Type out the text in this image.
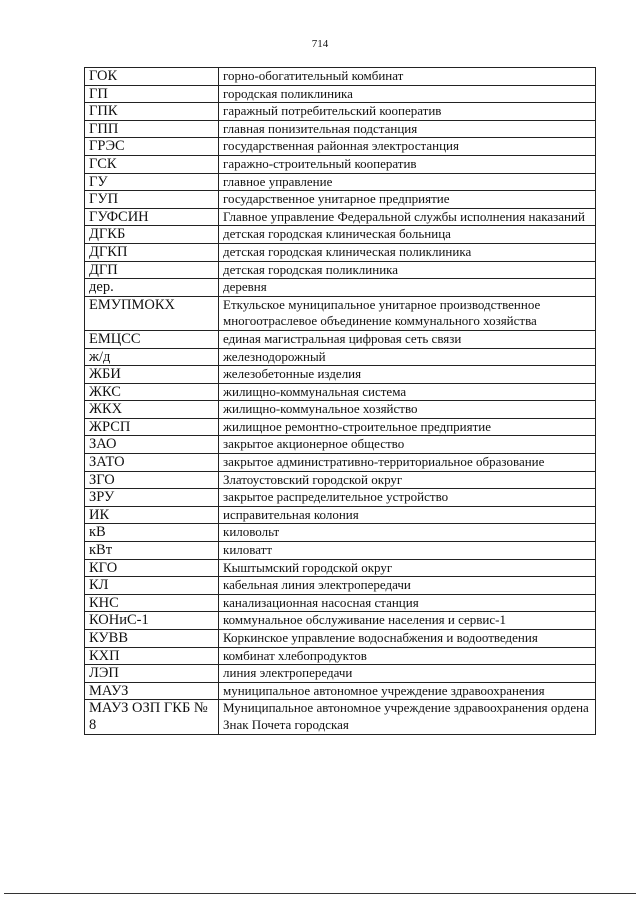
714
ГОК	горно-обогатительный комбинат
ГП	городская поликлиника
ГПК	гаражный потребительский кооператив
ГПП	главная понизительная подстанция
ГРЭС	государственная районная электростанция
ГСК	гаражно-строительный кооператив
ГУ	главное управление
ГУП	государственное унитарное предприятие
ГУФСИН	Главное управление Федеральной службы исполнения наказаний
ДГКБ	детская городская клиническая больница
ДГКП	детская городская клиническая поликлиника
ДГП	детская городская поликлиника
дер.	деревня
ЕМУПМОКХ	Еткульское муниципальное унитарное производственное многоотраслевое объединение коммунального хозяйства
ЕМЦСС	единая магистральная цифровая сеть связи
ж/д	железнодорожный
ЖБИ	железобетонные изделия
ЖКС	жилищно-коммунальная система
ЖКХ	жилищно-коммунальное хозяйство
ЖРСП	жилищное ремонтно-строительное предприятие
ЗАО	закрытое акционерное общество
ЗАТО	закрытое административно-территориальное образование
ЗГО	Златоустовский городской округ
ЗРУ	закрытое распределительное устройство
ИК	исправительная колония
кВ	киловольт
кВт	киловатт
КГО	Кыштымский городской округ
КЛ	кабельная линия электропередачи
КНС	канализационная насосная станция
КОНиС-1	коммунальное обслуживание населения и сервис-1
КУВВ	Коркинское управление водоснабжения и водоотведения
КХП	комбинат хлебопродуктов
ЛЭП	линия электропередачи
МАУЗ	муниципальное автономное учреждение здравоохранения
МАУЗ ОЗП ГКБ № 8	Муниципальное автономное учреждение здравоохранения ордена Знак Почета городская
